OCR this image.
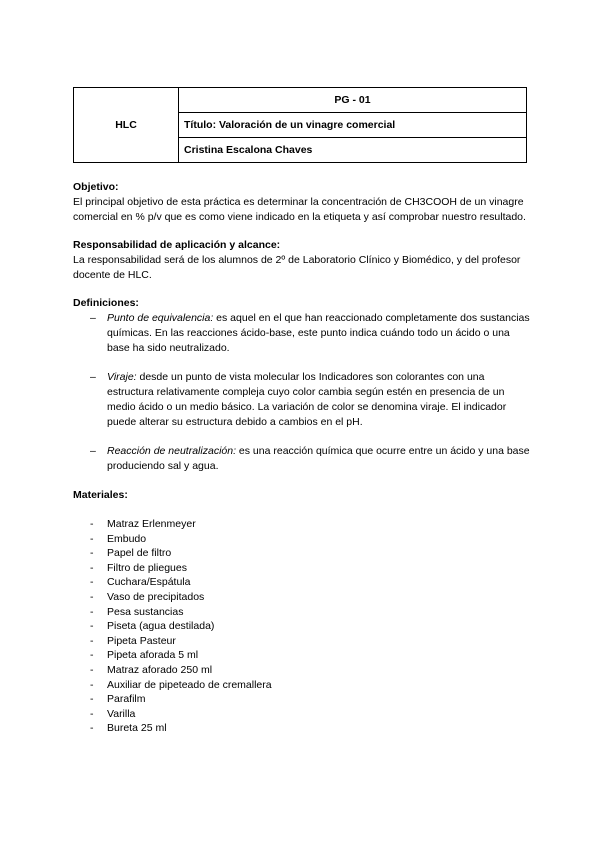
HLC	PG - 01
Título: Valoración de un vinagre comercial
Cristina Escalona Chaves

Objetivo:

El principal objetivo de esta práctica es determinar la concentración de CH3COOH de un vinagre comercial en % p/v que es como viene indicado en la etiqueta y así comprobar nuestro resultado.

Responsabilidad de aplicación y alcance:

La responsabilidad será de los alumnos de 2º de Laboratorio Clínico y Biomédico, y del profesor docente de HLC.

Definiciones:

– Punto de equivalencia: es aquel en el que han reaccionado completamente dos sustancias químicas. En las reacciones ácido-base, este punto indica cuándo todo un ácido o una base ha sido neutralizado.
– Viraje: desde un punto de vista molecular los Indicadores son colorantes con una estructura relativamente compleja cuyo color cambia según estén en presencia de un medio ácido o un medio básico. La variación de color se denomina viraje. El indicador puede alterar su estructura debido a cambios en el pH.
– Reacción de neutralización: es una reacción química que ocurre entre un ácido y una base produciendo sal y agua.

Materiales:

- Matraz Erlenmeyer
- Embudo
- Papel de filtro
- Filtro de pliegues
- Cuchara/Espátula
- Vaso de precipitados
- Pesa sustancias
- Piseta (agua destilada)
- Pipeta Pasteur
- Pipeta aforada 5 ml
- Matraz aforado 250 ml
- Auxiliar de pipeteado de cremallera
- Parafilm
- Varilla
- Bureta 25 ml
